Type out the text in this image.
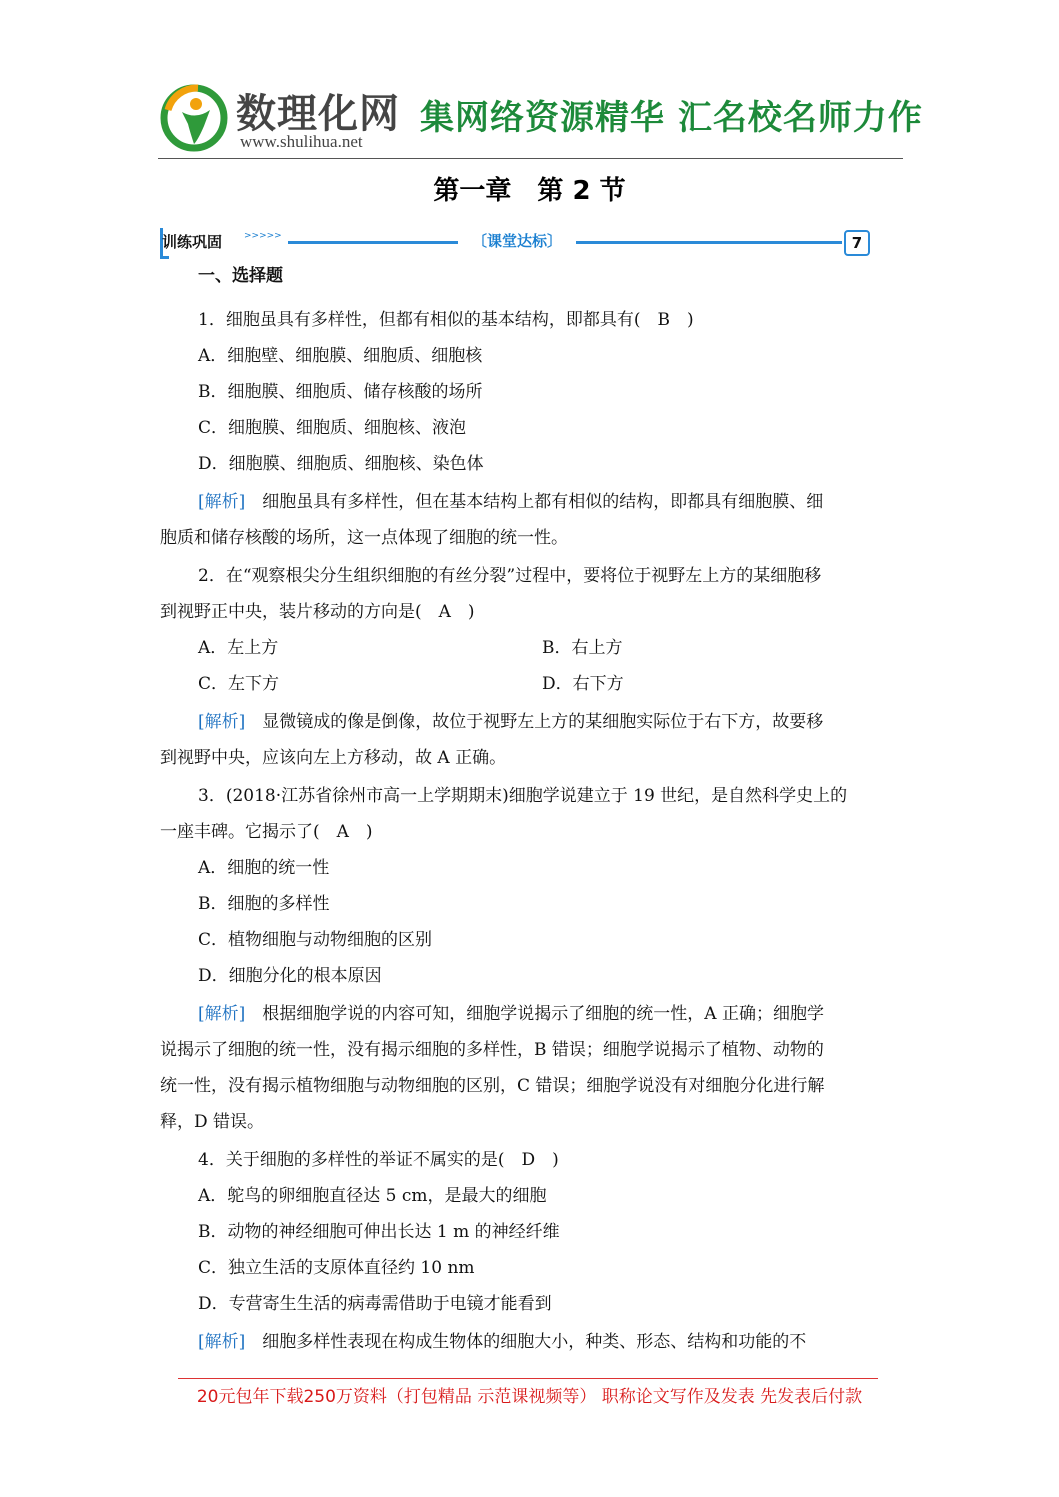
数理化网
www.shulihua.net
集网络资源精华 汇名校名师力作
第一章　第 2 节
训练巩固 >>>>>	〔课堂达标〕	7
一、选择题
1．细胞虽具有多样性，但都有相似的基本结构，即都具有(　B　)
A．细胞壁、细胞膜、细胞质、细胞核
B．细胞膜、细胞质、储存核酸的场所
C．细胞膜、细胞质、细胞核、液泡
D．细胞膜、细胞质、细胞核、染色体
[解析]　细胞虽具有多样性，但在基本结构上都有相似的结构，即都具有细胞膜、细
胞质和储存核酸的场所，这一点体现了细胞的统一性。
2．在“观察根尖分生组织细胞的有丝分裂”过程中，要将位于视野左上方的某细胞移
到视野正中央，装片移动的方向是(　A　)
A．左上方	B．右上方
C．左下方	D．右下方
[解析]　显微镜成的像是倒像，故位于视野左上方的某细胞实际位于右下方，故要移
到视野中央，应该向左上方移动，故 A 正确。
3．(2018·江苏省徐州市高一上学期期末)细胞学说建立于 19 世纪，是自然科学史上的
一座丰碑。它揭示了(　A　)
A．细胞的统一性
B．细胞的多样性
C．植物细胞与动物细胞的区别
D．细胞分化的根本原因
[解析]　根据细胞学说的内容可知，细胞学说揭示了细胞的统一性，A 正确；细胞学
说揭示了细胞的统一性，没有揭示细胞的多样性，B 错误；细胞学说揭示了植物、动物的
统一性，没有揭示植物细胞与动物细胞的区别，C 错误；细胞学说没有对细胞分化进行解
释，D 错误。
4．关于细胞的多样性的举证不属实的是(　D　)
A．鸵鸟的卵细胞直径达 5 cm，是最大的细胞
B．动物的神经细胞可伸出长达 1 m 的神经纤维
C．独立生活的支原体直径约 10 nm
D．专营寄生生活的病毒需借助于电镜才能看到
[解析]　细胞多样性表现在构成生物体的细胞大小，种类、形态、结构和功能的不
20元包年下载250万资料（打包精品 示范课视频等） 职称论文写作及发表 先发表后付款
